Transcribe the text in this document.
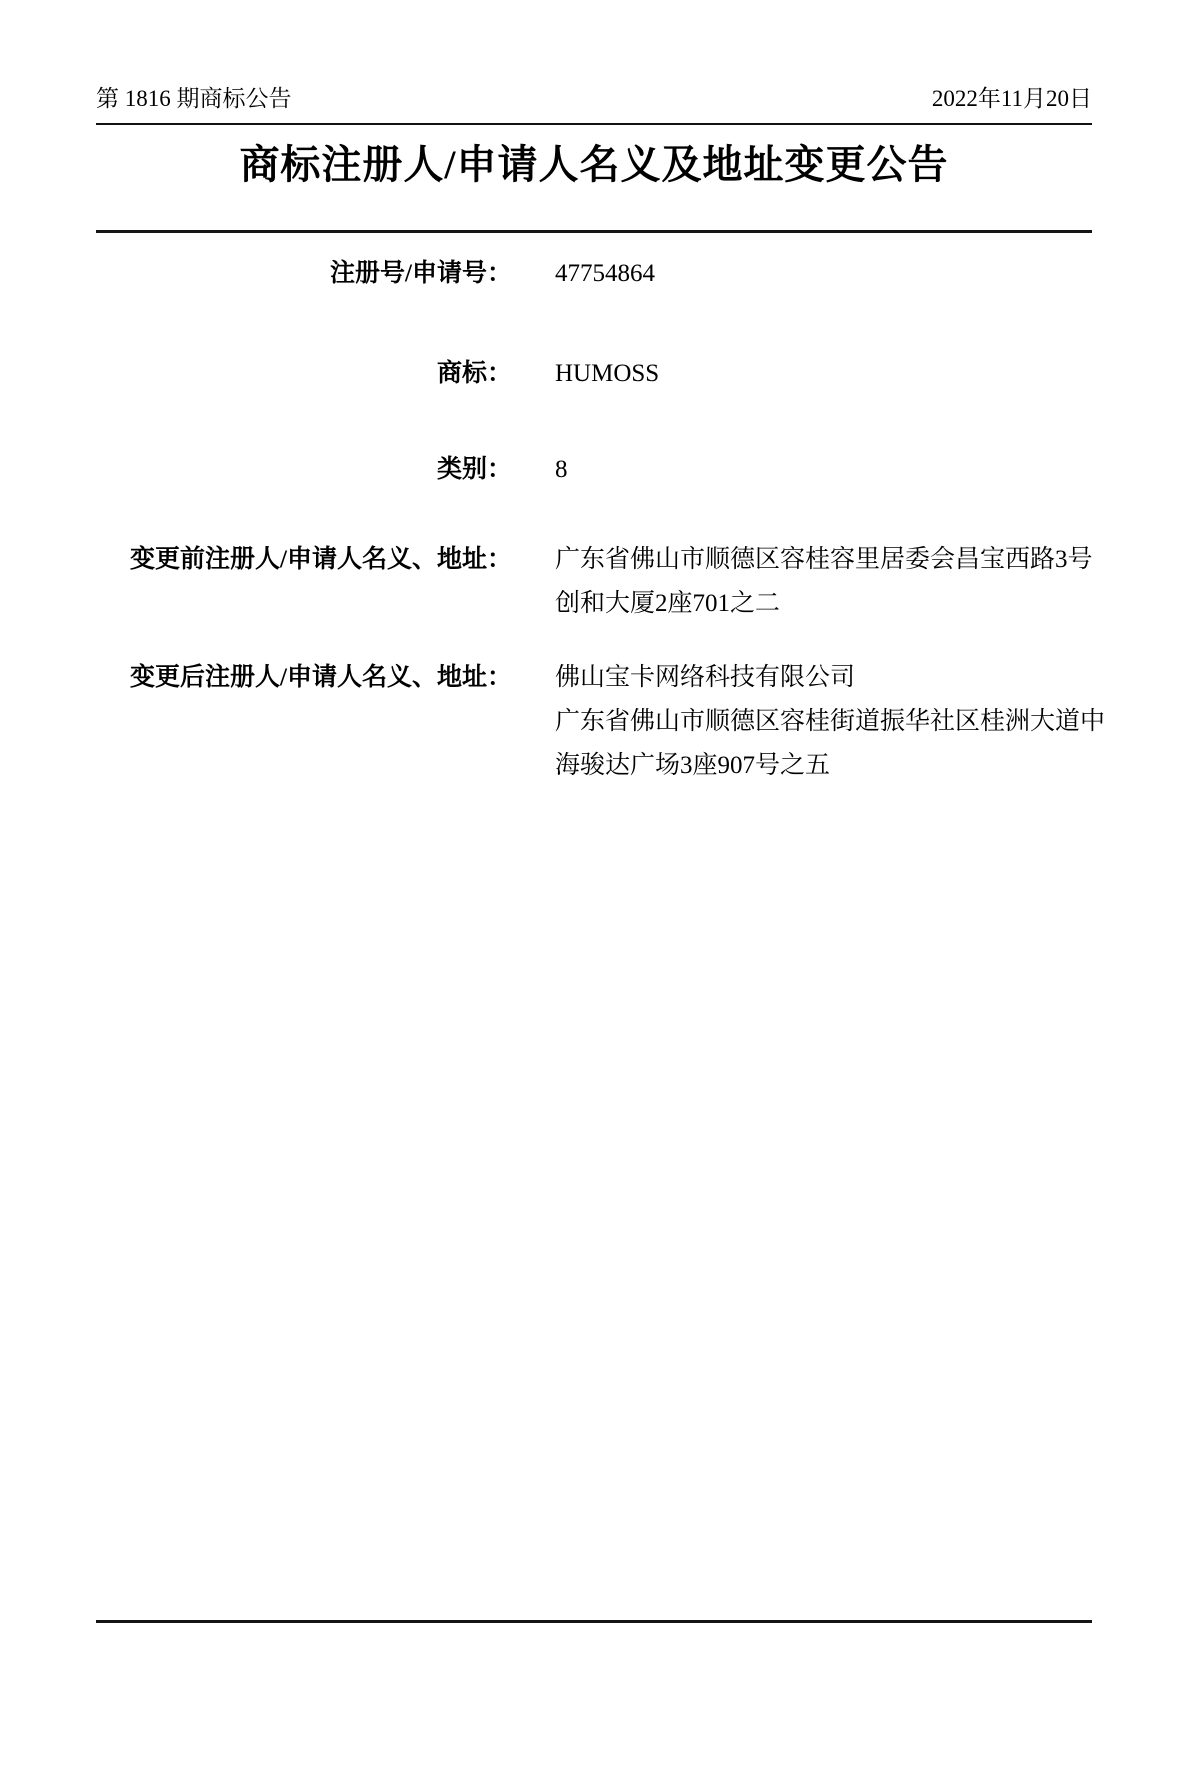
第 1816 期商标公告	2022年11月20日
商标注册人/申请人名义及地址变更公告
注册号/申请号： 47754864
商标： HUMOSS
类别： 8
变更前注册人/申请人名义、地址： 广东省佛山市顺德区容桂容里居委会昌宝西路3号
创和大厦2座701之二
变更后注册人/申请人名义、地址： 佛山宝卡网络科技有限公司
广东省佛山市顺德区容桂街道振华社区桂洲大道中
海骏达广场3座907号之五
